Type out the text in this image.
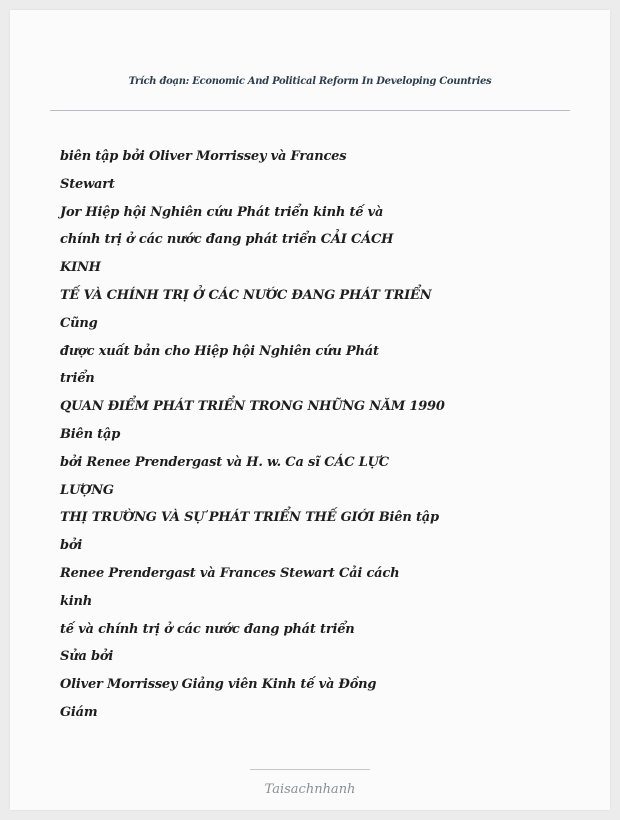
Trích đoạn: Economic And Political Reform In Developing Countries
biên tập bởi Oliver Morrissey và Frances
Stewart
Jor Hiệp hội Nghiên cứu Phát triển kinh tế và
chính trị ở các nước đang phát triển CẢI CÁCH
KINH
TẾ VÀ CHÍNH TRỊ Ở CÁC NƯỚC ĐANG PHÁT TRIỂN
Cũng
được xuất bản cho Hiệp hội Nghiên cứu Phát
triển
QUAN ĐIỂM PHÁT TRIỂN TRONG NHỮNG NĂM 1990
Biên tập
bởi Renee Prendergast và H. w. Ca sĩ CÁC LỰC
LƯỢNG
THỊ TRƯỜNG VÀ SỰ PHÁT TRIỂN THẾ GIỚI Biên tập
bởi
Renee Prendergast và Frances Stewart Cải cách
kinh
tế và chính trị ở các nước đang phát triển
Sửa bởi
Oliver Morrissey Giảng viên Kinh tế và Đồng
Giám
Taisachnhanh
